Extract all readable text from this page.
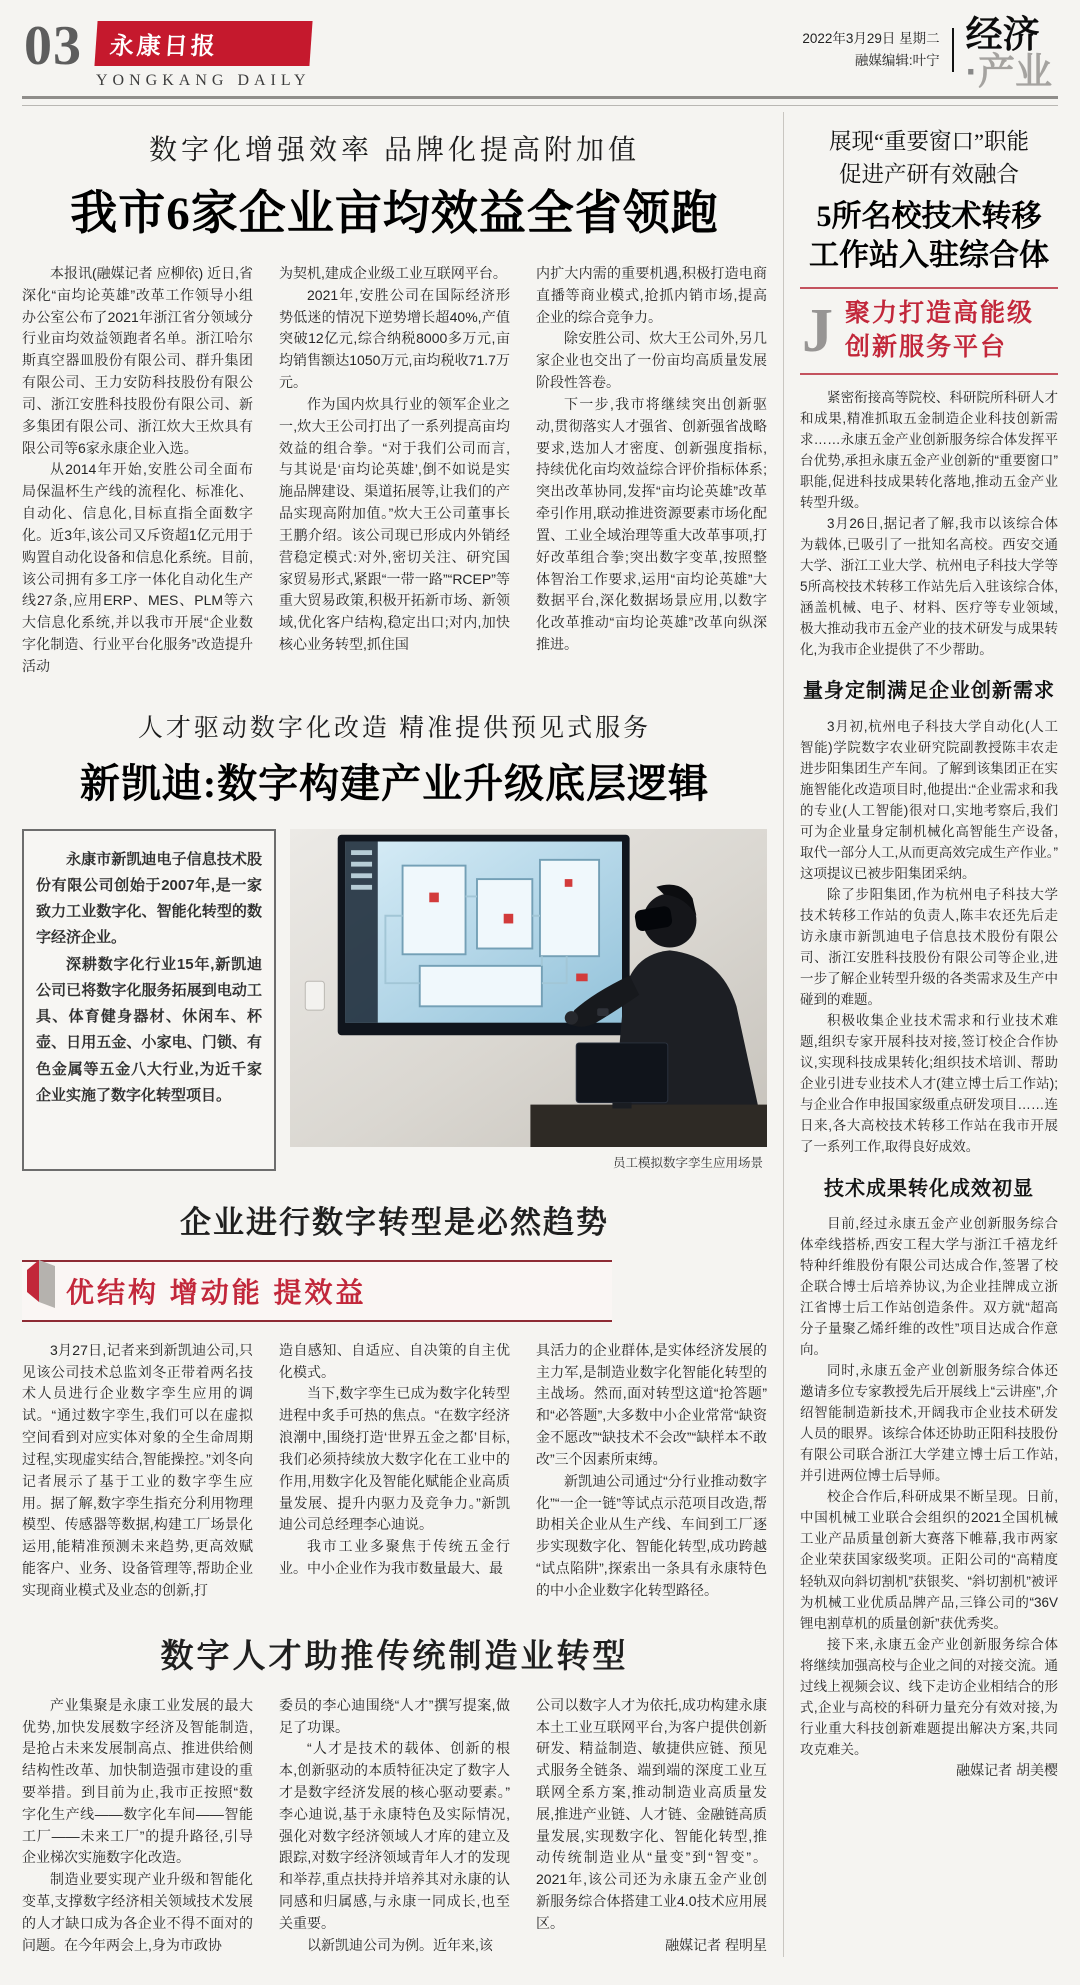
03	永康日报
YONGKANG DAILY
2022年3月29日 星期二
融媒编辑:叶宁
经济
·产业
数字化增强效率 品牌化提高附加值
我市6家企业亩均效益全省领跑

本报讯(融媒记者 应柳依) 近日,省深化“亩均论英雄”改革工作领导小组办公室公布了2021年浙江省分领域分行业亩均效益领跑者名单。浙江哈尔斯真空器皿股份有限公司、群升集团有限公司、王力安防科技股份有限公司、浙江安胜科技股份有限公司、新多集团有限公司、浙江炊大王炊具有限公司等6家永康企业入选。

从2014年开始,安胜公司全面布局保温杯生产线的流程化、标准化、自动化、信息化,目标直指全面数字化。近3年,该公司又斥资超1亿元用于购置自动化设备和信息化系统。目前,该公司拥有多工序一体化自动化生产线27条,应用ERP、MES、PLM等六大信息化系统,并以我市开展“企业数字化制造、行业平台化服务”改造提升活动

为契机,建成企业级工业互联网平台。

2021年,安胜公司在国际经济形势低迷的情况下逆势增长超40%,产值突破12亿元,综合纳税8000多万元,亩均销售额达1050万元,亩均税收71.7万元。

作为国内炊具行业的领军企业之一,炊大王公司打出了一系列提高亩均效益的组合拳。“对于我们公司而言,与其说是‘亩均论英雄’,倒不如说是实施品牌建设、渠道拓展等,让我们的产品实现高附加值。”炊大王公司董事长王鹏介绍。该公司现已形成内外销经营稳定模式:对外,密切关注、研究国家贸易形式,紧跟“一带一路”“RCEP”等重大贸易政策,积极开拓新市场、新领域,优化客户结构,稳定出口;对内,加快核心业务转型,抓住国

内扩大内需的重要机遇,积极打造电商直播等商业模式,抢抓内销市场,提高企业的综合竞争力。

除安胜公司、炊大王公司外,另几家企业也交出了一份亩均高质量发展阶段性答卷。

下一步,我市将继续突出创新驱动,贯彻落实人才强省、创新强省战略要求,迭加人才密度、创新强度指标,持续优化亩均效益综合评价指标体系;突出改革协同,发挥“亩均论英雄”改革牵引作用,联动推进资源要素市场化配置、工业全域治理等重大改革事项,打好改革组合拳;突出数字变革,按照整体智治工作要求,运用“亩均论英雄”大数据平台,深化数据场景应用,以数字化改革推动“亩均论英雄”改革向纵深推进。

人才驱动数字化改造 精准提供预见式服务
新凯迪:数字构建产业升级底层逻辑

永康市新凯迪电子信息技术股份有限公司创始于2007年,是一家致力工业数字化、智能化转型的数字经济企业。

深耕数字化行业15年,新凯迪公司已将数字化服务拓展到电动工具、体育健身器材、休闲车、杯壶、日用五金、小家电、门锁、有色金属等五金八大行业,为近千家企业实施了数字化转型项目。

员工模拟数字孪生应用场景
企业进行数字转型是必然趋势
优结构 增动能 提效益

3月27日,记者来到新凯迪公司,只见该公司技术总监刘冬正带着两名技术人员进行企业数字孪生应用的调试。“通过数字孪生,我们可以在虚拟空间看到对应实体对象的全生命周期过程,实现虚实结合,智能操控。”刘冬向记者展示了基于工业的数字孪生应用。据了解,数字孪生指充分利用物理模型、传感器等数据,构建工厂场景化运用,能精准预测未来趋势,更高效赋能客户、业务、设备管理等,帮助企业实现商业模式及业态的创新,打

造自感知、自适应、自决策的自主优化模式。

当下,数字孪生已成为数字化转型进程中炙手可热的焦点。“在数字经济浪潮中,围绕打造‘世界五金之都’目标,我们必须持续放大数字化在工业中的作用,用数字化及智能化赋能企业高质量发展、提升内驱力及竞争力。”新凯迪公司总经理李心迪说。

我市工业多聚焦于传统五金行业。中小企业作为我市数量最大、最

具活力的企业群体,是实体经济发展的主力军,是制造业数字化智能化转型的主战场。然而,面对转型这道“抢答题”和“必答题”,大多数中小企业常常“缺资金不愿改”“缺技术不会改”“缺样本不敢改”三个因素所束缚。

新凯迪公司通过“分行业推动数字化”“一企一链”等试点示范项目改造,帮助相关企业从生产线、车间到工厂逐步实现数字化、智能化转型,成功跨越“试点陷阱”,探索出一条具有永康特色的中小企业数字化转型路径。

数字人才助推传统制造业转型

产业集聚是永康工业发展的最大优势,加快发展数字经济及智能制造,是抢占未来发展制高点、推进供给侧结构性改革、加快制造强市建设的重要举措。到目前为止,我市正按照“数字化生产线——数字化车间——智能工厂——未来工厂”的提升路径,引导企业梯次实施数字化改造。

制造业要实现产业升级和智能化变革,支撑数字经济相关领域技术发展的人才缺口成为各企业不得不面对的问题。在今年两会上,身为市政协

委员的李心迪围绕“人才”撰写提案,做足了功课。

“人才是技术的载体、创新的根本,创新驱动的本质特征决定了数字人才是数字经济发展的核心驱动要素。”李心迪说,基于永康特色及实际情况,强化对数字经济领域人才库的建立及跟踪,对数字经济领域青年人才的发现和举荐,重点扶持并培养其对永康的认同感和归属感,与永康一同成长,也至关重要。

以新凯迪公司为例。近年来,该

公司以数字人才为依托,成功构建永康本土工业互联网平台,为客户提供创新研发、精益制造、敏捷供应链、预见式服务全链条、端到端的深度工业互联网全系方案,推动制造业高质量发展,推进产业链、人才链、金融链高质量发展,实现数字化、智能化转型,推动传统制造业从“量变”到“智变”。2021年,该公司还为永康五金产业创新服务综合体搭建工业4.0技术应用展区。

融媒记者 程明星

展现“重要窗口”职能
促进产研有效融合
5所名校技术转移
工作站入驻综合体
J 聚力打造高能级
创新服务平台

紧密衔接高等院校、科研院所科研人才和成果,精准抓取五金制造企业科技创新需求……永康五金产业创新服务综合体发挥平台优势,承担永康五金产业创新的“重要窗口”职能,促进科技成果转化落地,推动五金产业转型升级。

3月26日,据记者了解,我市以该综合体为载体,已吸引了一批知名高校。西安交通大学、浙江工业大学、杭州电子科技大学等5所高校技术转移工作站先后入驻该综合体,涵盖机械、电子、材料、医疗等专业领域,极大推动我市五金产业的技术研发与成果转化,为我市企业提供了不少帮助。

量身定制满足企业创新需求

3月初,杭州电子科技大学自动化(人工智能)学院数字农业研究院副教授陈丰农走进步阳集团生产车间。了解到该集团正在实施智能化改造项目时,他提出:“企业需求和我的专业(人工智能)很对口,实地考察后,我们可为企业量身定制机械化高智能生产设备,取代一部分人工,从而更高效完成生产作业。”这项提议已被步阳集团采纳。

除了步阳集团,作为杭州电子科技大学技术转移工作站的负责人,陈丰农还先后走访永康市新凯迪电子信息技术股份有限公司、浙江安胜科技股份有限公司等企业,进一步了解企业转型升级的各类需求及生产中碰到的难题。

积极收集企业技术需求和行业技术难题,组织专家开展科技对接,签订校企合作协议,实现科技成果转化;组织技术培训、帮助企业引进专业技术人才(建立博士后工作站);与企业合作申报国家级重点研发项目……连日来,各大高校技术转移工作站在我市开展了一系列工作,取得良好成效。

技术成果转化成效初显

目前,经过永康五金产业创新服务综合体牵线搭桥,西安工程大学与浙江千禧龙纤特种纤维股份有限公司达成合作,签署了校企联合博士后培养协议,为企业挂牌成立浙江省博士后工作站创造条件。双方就“超高分子量聚乙烯纤维的改性”项目达成合作意向。

同时,永康五金产业创新服务综合体还邀请多位专家教授先后开展线上“云讲座”,介绍智能制造新技术,开阔我市企业技术研发人员的眼界。该综合体还协助正阳科技股份有限公司联合浙江大学建立博士后工作站,并引进两位博士后导师。

校企合作后,科研成果不断呈现。日前,中国机械工业联合会组织的2021全国机械工业产品质量创新大赛落下帷幕,我市两家企业荣获国家级奖项。正阳公司的“高精度轻轨双向斜切割机”获银奖、“斜切割机”被评为机械工业优质品牌产品,三锋公司的“36V锂电割草机的质量创新”获优秀奖。

接下来,永康五金产业创新服务综合体将继续加强高校与企业之间的对接交流。通过线上视频会议、线下走访企业相结合的形式,企业与高校的科研力量充分有效对接,为行业重大科技创新难题提出解决方案,共同攻克难关。

融媒记者 胡美樱
